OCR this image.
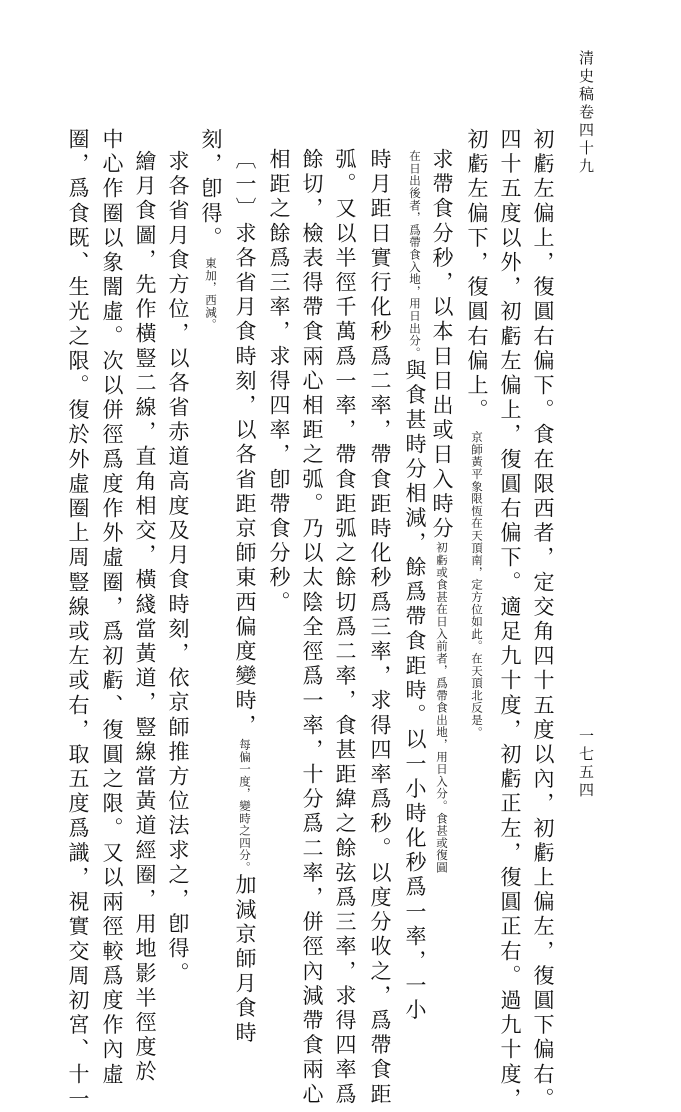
清史稿卷四十九
一七五四
初虧左偏上，復圓右偏下。食在限西者，定交角四十五度以內，初虧上偏左，復圓下偏右。
四十五度以外，初虧左偏上，復圓右偏下。適足九十度，初虧正左，復圓正右。過九十度，
初虧左偏下，復圓右偏上。京師黃平象限恆在天頂南，定方位如此。在天頂北反是。
求帶食分秒，以本日日出或日入時分初虧或食甚在日入前者，爲帶食出地，用日入分。食甚或復圓
在日出後者，爲帶食入地，用日出分。與食甚時分相減，餘爲帶食距時。以一小時化秒爲一率，一小
時月距日實行化秒爲二率，帶食距時化秒爲三率，求得四率爲秒。以度分收之，爲帶食距
弧。又以半徑千萬爲一率，帶食距弧之餘切爲二率，食甚距緯之餘弦爲三率，求得四率爲
餘切，檢表得帶食兩心相距之弧。乃以太陰全徑爲一率，十分爲二率，併徑內減帶食兩心
相距之餘爲三率，求得四率，卽帶食分秒。
〔一〕求各省月食時刻，以各省距京師東西偏度變時，每偏一度，變時之四分。加減京師月食時
刻，卽得。東加，西減。
求各省月食方位，以各省赤道高度及月食時刻，依京師推方位法求之，卽得。
繪月食圖，先作橫豎二線，直角相交，橫綫當黃道，豎線當黃道經圈，用地影半徑度於
中心作圈以象闇虛。次以併徑爲度作外虛圈，爲初虧、復圓之限。又以兩徑較爲度作內虛
圈，爲食既、生光之限。復於外虛圈上周豎線或左或右，取五度爲識，視實交周初宮、十一
